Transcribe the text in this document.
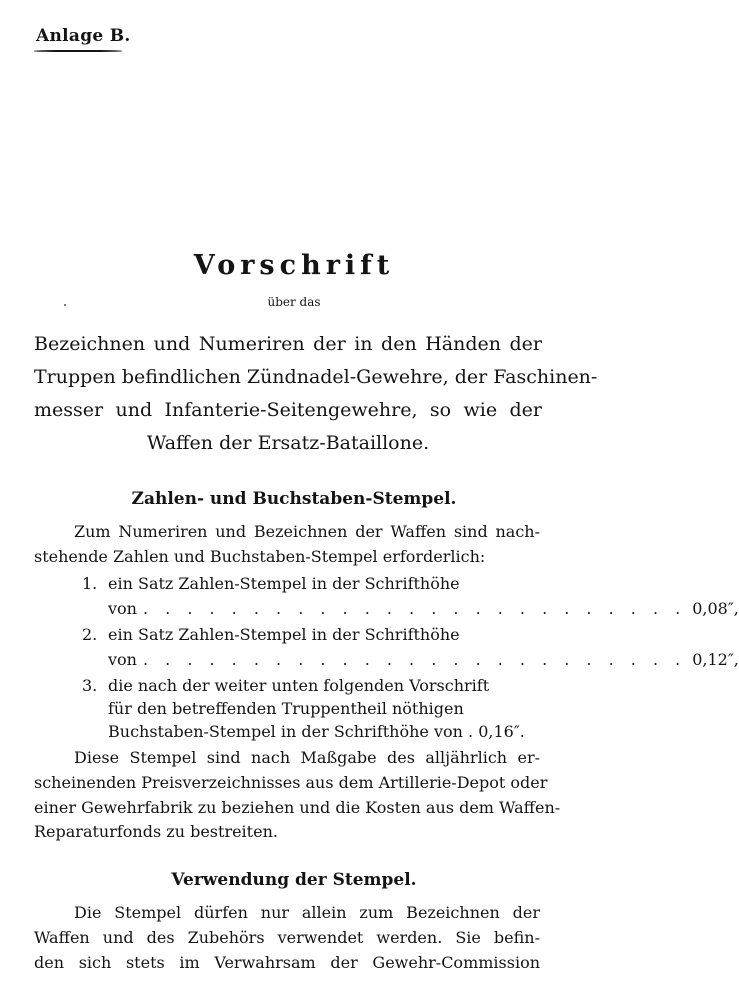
Anlage B.
Vorschrift
über das
Bezeichnen und Numeriren der in den Händen der
Truppen befindlichen Zündnadel-Gewehre, der Faschinen-
messer und Infanterie-Seitengewehre, so wie der
Waffen der Ersatz-Bataillone.
Zahlen- und Buchstaben-Stempel.
Zum Numeriren und Bezeichnen der Waffen sind nach-
stehende Zahlen und Buchstaben-Stempel erforderlich:
1. ein Satz Zahlen-Stempel in der Schrifthöhe
von . . . . . . . . . . . . . . . . . . . . . . . . . 0,08″,
2. ein Satz Zahlen-Stempel in der Schrifthöhe
von . . . . . . . . . . . . . . . . . . . . . . . . . 0,12″,
3. die nach der weiter unten folgenden Vorschrift
für den betreffenden Truppentheil nöthigen
Buchstaben-Stempel in der Schrifthöhe von . 0,16″.
Diese Stempel sind nach Maßgabe des alljährlich er-
scheinenden Preisverzeichnisses aus dem Artillerie-Depot oder
einer Gewehrfabrik zu beziehen und die Kosten aus dem Waffen-
Reparaturfonds zu bestreiten.
Verwendung der Stempel.
Die Stempel dürfen nur allein zum Bezeichnen der
Waffen und des Zubehörs verwendet werden. Sie befin-
den sich stets im Verwahrsam der Gewehr-Commission
